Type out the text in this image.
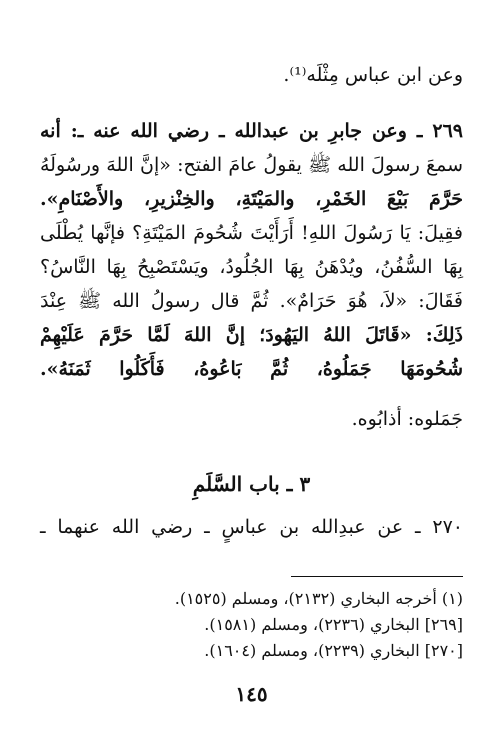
وعن ابن عباس مِثْلَه⁽¹⁾.
٢٦٩ ـ وعن جابرِ بن عبدالله ـ رضي الله عنه ـ: أنه
سمعَ رسولَ الله ﷺ يقولُ عامَ الفتح: «إنَّ اللهَ ورسُولَهُ
حَرَّمَ بَيْعَ الخَمْرِ، والمَيْتَةِ، والخِنْزيرِ، والأَصْنَامِ».
فقِيلَ: يَا رَسُولَ اللهِ! أَرَأَيْتَ شُحُومَ المَيْتَةِ؟ فإنَّها يُطْلَى
بِهَا السُّفُنُ، ويُدْهَنُ بِهَا الجُلُودُ، ويَسْتَصْبِحُ بِهَا النَّاسُ؟
فَقَالَ: «لاَ، هُوَ حَرَامٌ». ثُمَّ قال رسولُ الله ﷺ عِنْدَ
ذَلِكَ: «قَاتَلَ اللهُ اليَهُودَ؛ إنَّ اللهَ لَمَّا حَرَّمَ عَلَيْهِمْ
شُحُومَهَا جَمَلُوهُ، ثُمَّ بَاعُوهُ، فَأَكَلُوا ثَمَنَهُ».
جَمَلوه: أذابُوه.
٣ ـ باب السَّلَمِ
٢٧٠ ـ عن عبدِالله بن عباسٍ ـ رضي الله عنهما ـ
(١) أخرجه البخاري (٢١٣٢)، ومسلم (١٥٢٥).
[٢٦٩] البخاري (٢٢٣٦)، ومسلم (١٥٨١).
[٢٧٠] البخاري (٢٢٣٩)، ومسلم (١٦٠٤).
١٤٥
